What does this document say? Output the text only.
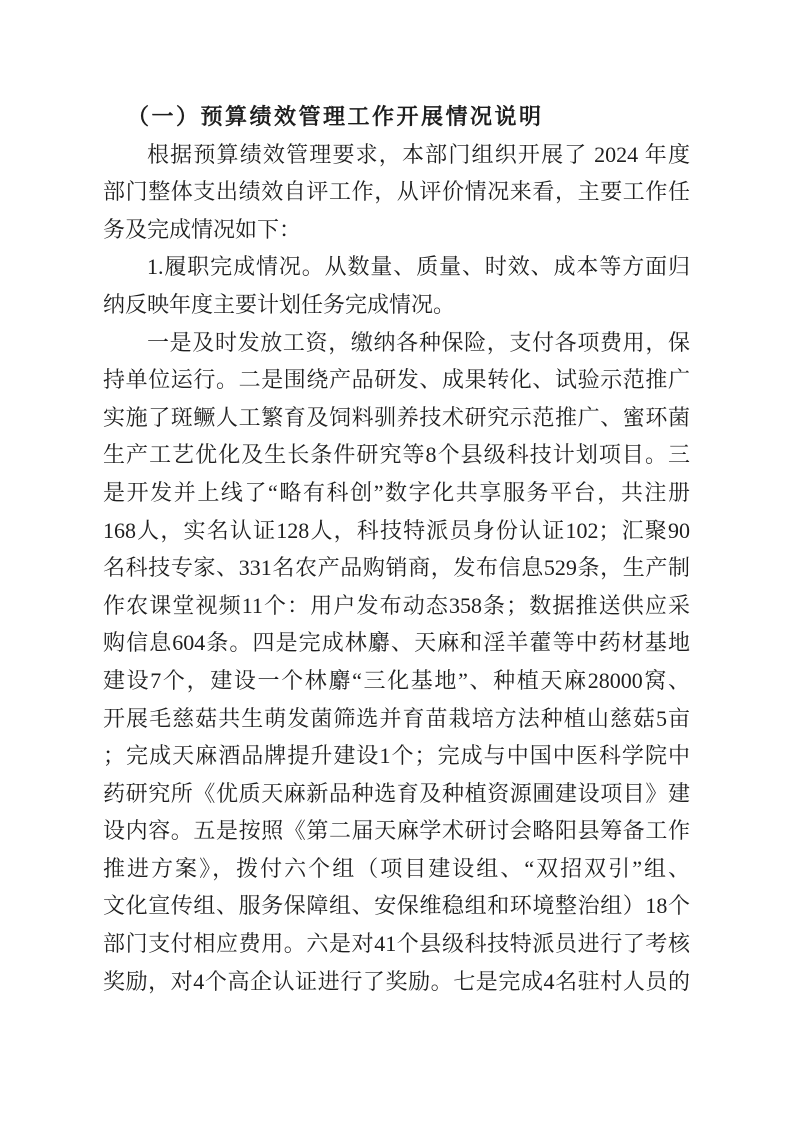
（一）预算绩效管理工作开展情况说明

根据预算绩效管理要求，本部门组织开展了 2024 年度
部门整体支出绩效自评工作，从评价情况来看，主要工作任
务及完成情况如下：

1.履职完成情况。从数量、质量、时效、成本等方面归
纳反映年度主要计划任务完成情况。

一是及时发放工资，缴纳各种保险，支付各项费用，保
持单位运行。二是围绕产品研发、成果转化、试验示范推广
实施了斑鳜人工繁育及饲料驯养技术研究示范推广、蜜环菌
生产工艺优化及生长条件研究等8个县级科技计划项目。三
是开发并上线了“略有科创”数字化共享服务平台，共注册
168人，实名认证128人，科技特派员身份认证102；汇聚90
名科技专家、331名农产品购销商，发布信息529条，生产制
作农课堂视频11个：用户发布动态358条；数据推送供应采
购信息604条。四是完成林麝、天麻和淫羊藿等中药材基地
建设7个，建设一个林麝“三化基地”、种植天麻28000窝、
开展毛慈菇共生萌发菌筛选并育苗栽培方法种植山慈菇5亩
；完成天麻酒品牌提升建设1个；完成与中国中医科学院中
药研究所《优质天麻新品种选育及种植资源圃建设项目》建
设内容。五是按照《第二届天麻学术研讨会略阳县筹备工作
推进方案》，拨付六个组（项目建设组、“双招双引”组、
文化宣传组、服务保障组、安保维稳组和环境整治组）18个
部门支付相应费用。六是对41个县级科技特派员进行了考核
奖励，对4个高企认证进行了奖励。七是完成4名驻村人员的
